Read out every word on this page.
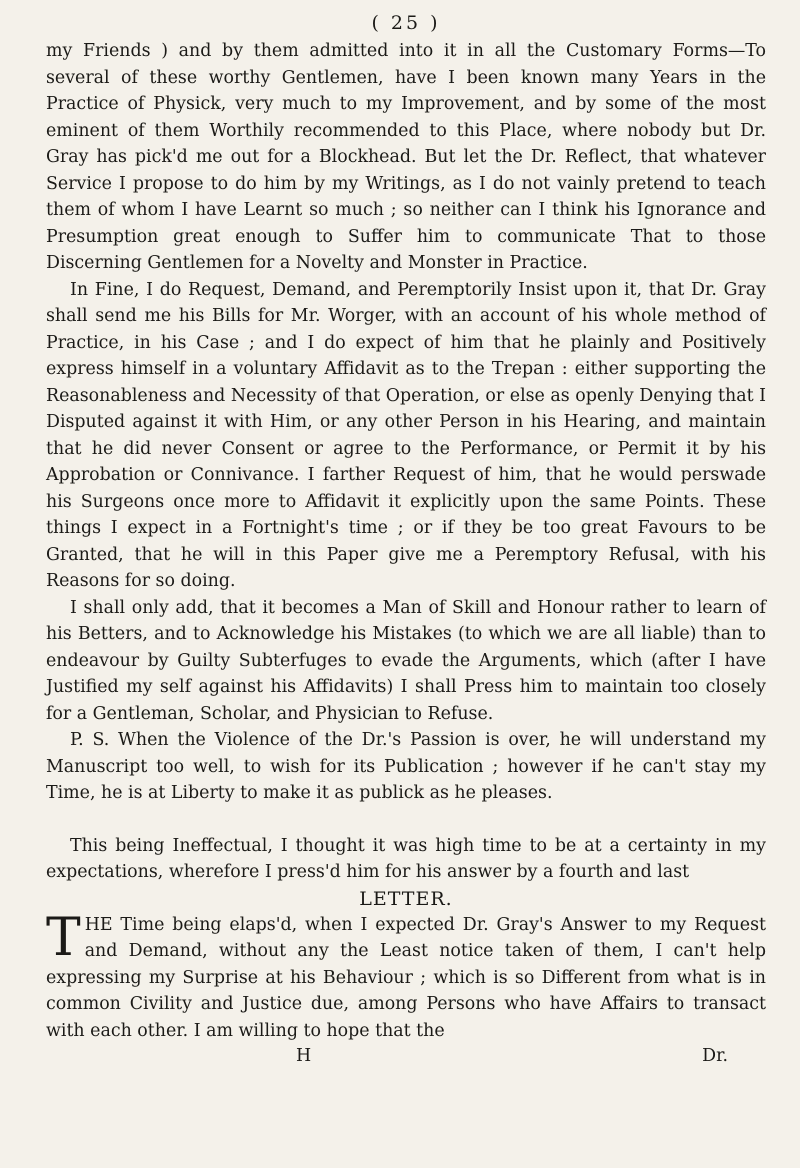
( 25 )

my Friends ) and by them admitted into it in all the Customary Forms—To several of these worthy Gentlemen, have I been known many Years in the Practice of Physick, very much to my Improvement, and by some of the most eminent of them Worthily recommended to this Place, where nobody but Dr. Gray has pick'd me out for a Blockhead. But let the Dr. Reflect, that whatever Service I propose to do him by my Writings, as I do not vainly pretend to teach them of whom I have Learnt so much ; so neither can I think his Ignorance and Presumption great enough to Suffer him to communicate That to those Discerning Gentlemen for a Novelty and Monster in Practice.

In Fine, I do Request, Demand, and Peremptorily Insist upon it, that Dr. Gray shall send me his Bills for Mr. Worger, with an account of his whole method of Practice, in his Case ; and I do expect of him that he plainly and Positively express himself in a voluntary Affidavit as to the Trepan : either supporting the Reasonableness and Necessity of that Operation, or else as openly Denying that I Disputed against it with Him, or any other Person in his Hearing, and maintain that he did never Consent or agree to the Performance, or Permit it by his Approbation or Connivance. I farther Request of him, that he would perswade his Surgeons once more to Affidavit it explicitly upon the same Points. These things I expect in a Fortnight's time ; or if they be too great Favours to be Granted, that he will in this Paper give me a Peremptory Refusal, with his Reasons for so doing.

I shall only add, that it becomes a Man of Skill and Honour rather to learn of his Betters, and to Acknowledge his Mistakes (to which we are all liable) than to endeavour by Guilty Subterfuges to evade the Arguments, which (after I have Justified my self against his Affidavits) I shall Press him to maintain too closely for a Gentleman, Scholar, and Physician to Refuse.

P. S. When the Violence of the Dr.'s Passion is over, he will understand my Manuscript too well, to wish for its Publication ; however if he can't stay my Time, he is at Liberty to make it as publick as he pleases.

This being Ineffectual, I thought it was high time to be at a certainty in my expectations, wherefore I press'd him for his answer by a fourth and last

LETTER.

THE Time being elaps'd, when I expected Dr. Gray's Answer to my Request and Demand, without any the Least notice taken of them, I can't help expressing my Surprise at his Behaviour ; which is so Different from what is in common Civility and Justice due, among Persons who have Affairs to transact with each other. I am willing to hope that the

H	Dr.
